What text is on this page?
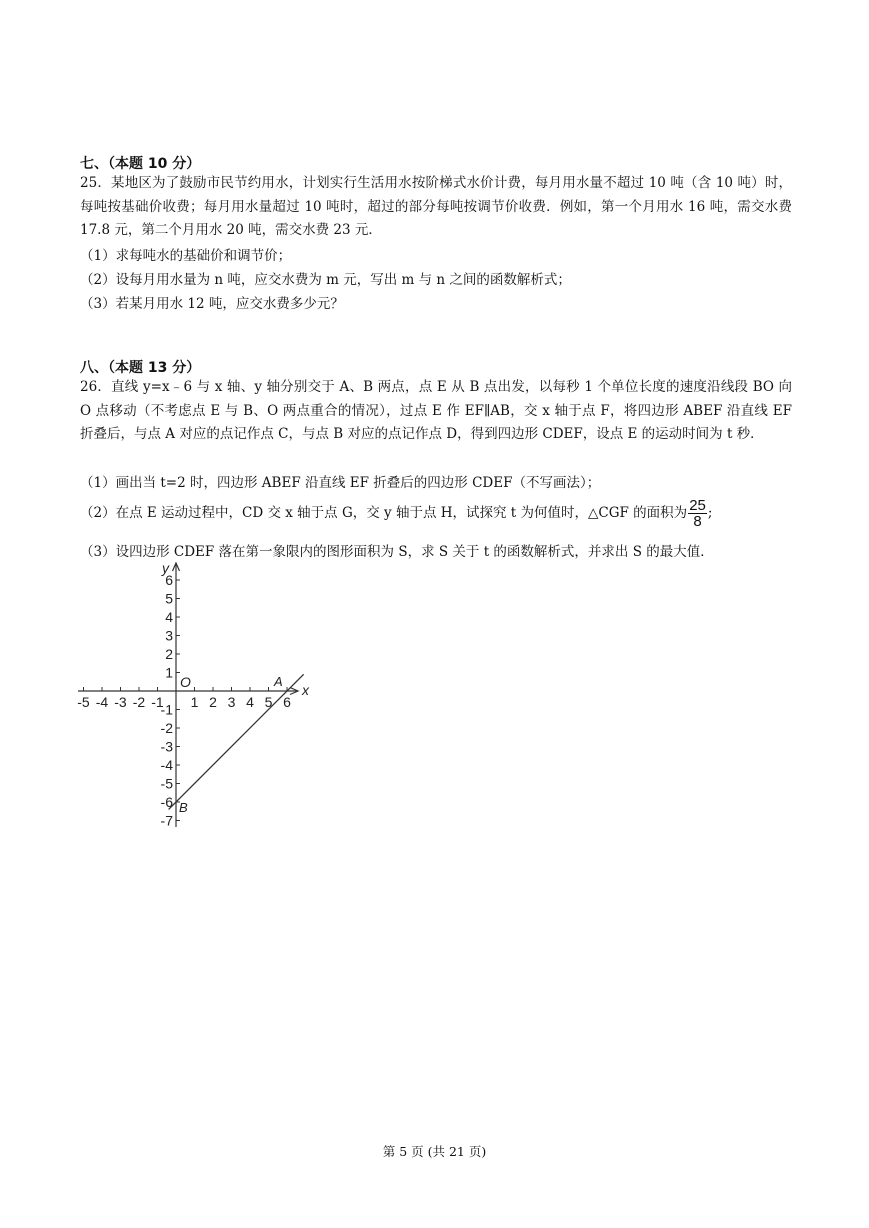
七、（本题 10 分）
25．某地区为了鼓励市民节约用水，计划实行生活用水按阶梯式水价计费，每月用水量不超过 10 吨（含 10 吨）时，每吨按基础价收费；每月用水量超过 10 吨时，超过的部分每吨按调节价收费．例如，第一个月用水 16 吨，需交水费 17.8 元，第二个月用水 20 吨，需交水费 23 元．
（1）求每吨水的基础价和调节价；
（2）设每月用水量为 n 吨，应交水费为 m 元，写出 m 与 n 之间的函数解析式；
（3）若某月用水 12 吨，应交水费多少元？
八、（本题 13 分）
26．直线 y=x﹣6 与 x 轴、y 轴分别交于 A、B 两点，点 E 从 B 点出发，以每秒 1 个单位长度的速度沿线段 BO 向 O 点移动（不考虑点 E 与 B、O 两点重合的情况），过点 E 作 EF∥AB，交 x 轴于点 F，将四边形 ABEF 沿直线 EF 折叠后，与点 A 对应的点记作点 C，与点 B 对应的点记作点 D，得到四边形 CDEF，设点 E 的运动时间为 t 秒．
（1）画出当 t=2 时，四边形 ABEF 沿直线 EF 折叠后的四边形 CDEF（不写画法）；
（2）在点 E 运动过程中，CD 交 x 轴于点 G，交 y 轴于点 H，试探究 t 为何值时，△CGF 的面积为 $\frac{25}{8}$ ;
（3）设四边形 CDEF 落在第一象限内的图形面积为 S，求 S 关于 t 的函数解析式，并求出 S 的最大值．
-5 -4 -3 -2 -1 1 2 3 4 5 6
6
5
4
3
2
1
-1
-2
-3
-4
-5
-6
-7
x
y
O	A
B
第 5 页 (共 21 页)
